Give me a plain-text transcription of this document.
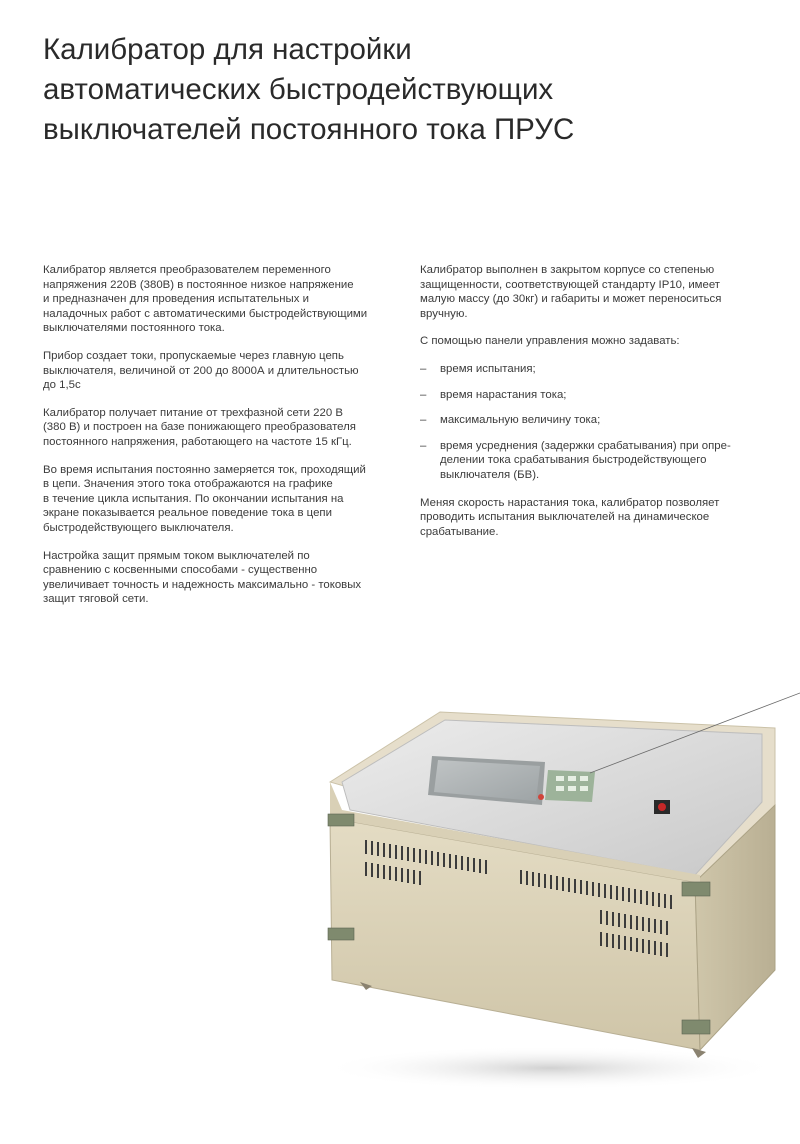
Калибратор для настройки
автоматических быстродействующих
выключателей постоянного тока ПРУС

Калибратор является преобразователем переменного
напряжения 220В (380В) в постоянное низкое напряжение
и предназначен для проведения испытательных и
наладочных работ с автоматическими быстродействующими
выключателями постоянного тока.

Прибор создает токи, пропускаемые через главную цепь
выключателя, величиной от 200 до 8000А и длительностью
до 1,5с

Калибратор получает питание от трехфазной сети 220 В
(380 В) и построен на базе понижающего преобразователя
постоянного напряжения, работающего на частоте 15 кГц.

Во время испытания постоянно замеряется ток, проходящий
в цепи. Значения этого тока отображаются на графике
в течение цикла испытания. По окончании испытания на
экране показывается реальное поведение тока в цепи
быстродействующего выключателя.

Настройка защит прямым током выключателей по
сравнению с косвенными способами - существенно
увеличивает точность и надежность максимально - токовых
защит тяговой сети.

Калибратор выполнен в закрытом корпусе со степенью
защищенности, соответствующей стандарту IP10, имеет
малую массу (до 30кг) и габариты и может переноситься
вручную.

С помощью панели управления можно задавать:

–	время испытания;
–	время нарастания тока;
–	максимальную величину тока;
–	время усреднения (задержки срабатывания) при опре-
делении тока срабатывания быстродействующего
выключателя (БВ).

Меняя скорость нарастания тока, калибратор позволяет
проводить испытания выключателей на динамическое
срабатывание.
